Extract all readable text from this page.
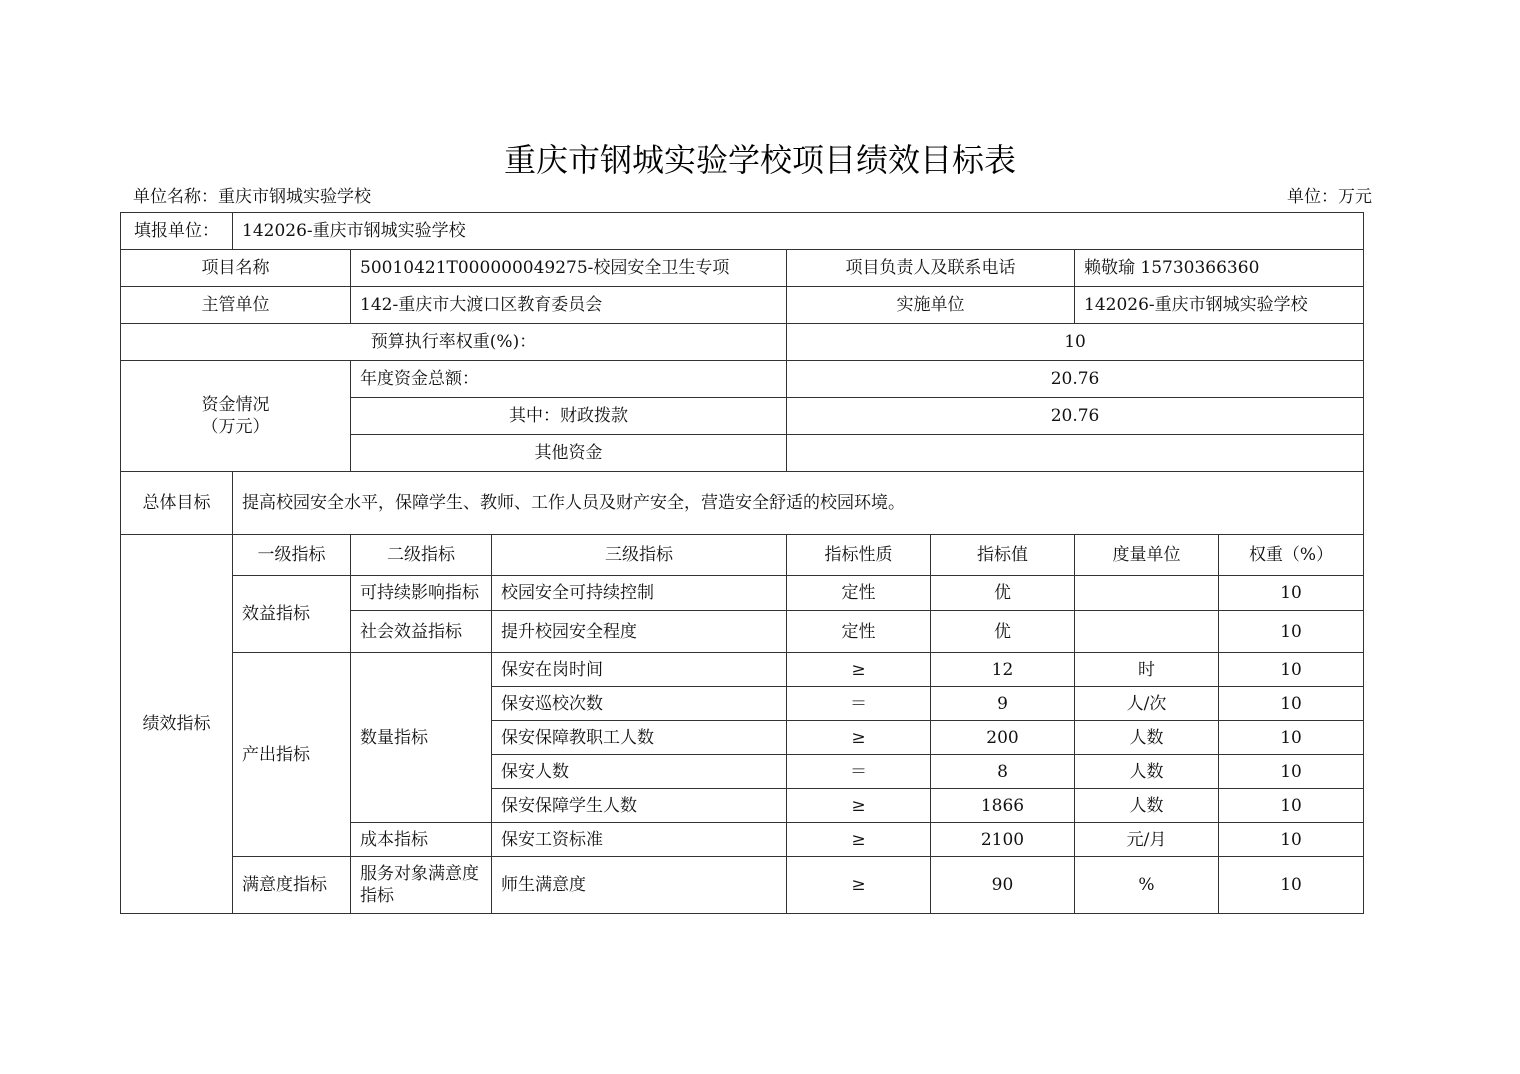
重庆市钢城实验学校项目绩效目标表
单位名称：重庆市钢城实验学校	单位：万元
填报单位：	142026-重庆市钢城实验学校						
项目名称		50010421T000000049275-校园安全卫生专项		项目负责人及联系电话		赖敬瑜 15730366360	
主管单位		142-重庆市大渡口区教育委员会		实施单位		142026-重庆市钢城实验学校	
预算执行率权重(%)：				10			

资金情况
（万元）		年度资金总额：		20.76			
		其中：财政拨款		20.76			
		其他资金					
总体目标	提高校园安全水平，保障学生、教师、工作人员及财产安全，营造安全舒适的校园环境。						
绩效指标	一级指标	二级指标	三级指标	指标性质	指标值	度量单位	权重（%）
	效益指标	可持续影响指标	校园安全可持续控制	定性	优		10
		社会效益指标	提升校园安全程度	定性	优		10
	产出指标	数量指标	保安在岗时间	≥	12	时	10
			保安巡校次数	＝	9	人/次	10
			保安保障教职工人数	≥	200	人数	10
			保安人数	＝	8	人数	10
			保安保障学生人数	≥	1866	人数	10
		成本指标	保安工资标准	≥	2100	元/月	10
	满意度指标	服务对象满意度指标	师生满意度	≥	90	%	10
